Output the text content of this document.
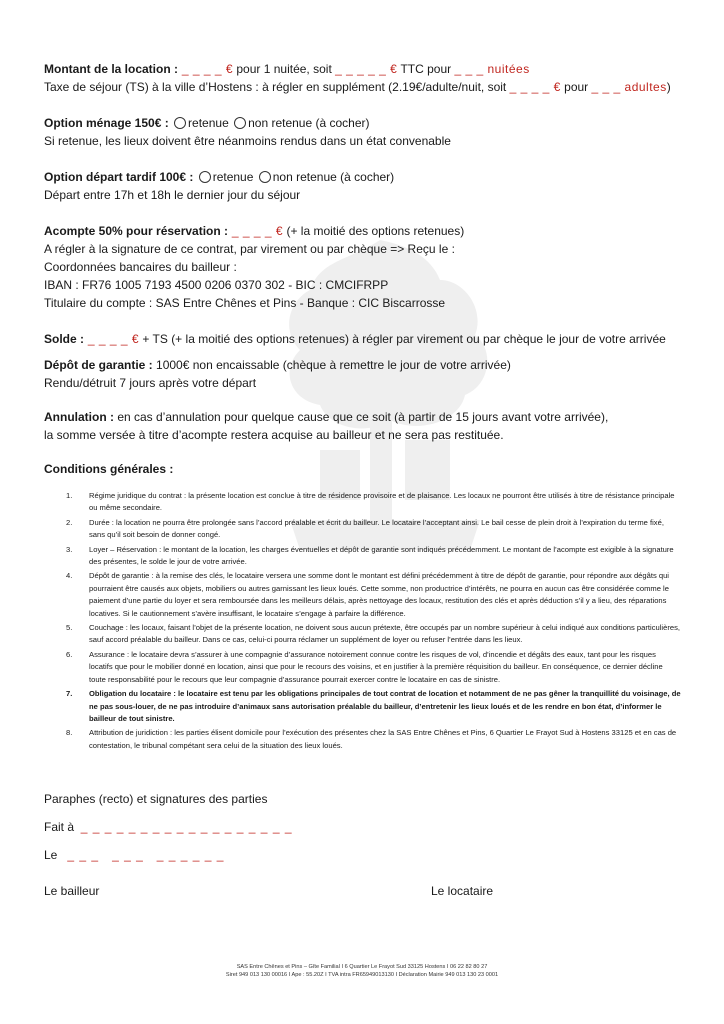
Montant de la location : _ _ _ _ € pour 1 nuitée, soit _ _ _ _ _ € TTC pour _ _ _ nuitées
Taxe de séjour (TS) à la ville d’Hostens : à régler en supplément (2.19€/adulte/nuit, soit _ _ _ _ € pour _ _ _ adultes)
Option ménage 150€ : retenue non retenue (à cocher)
Si retenue, les lieux doivent être néanmoins rendus dans un état convenable
Option départ tardif 100€ : retenue non retenue (à cocher)
Départ entre 17h et 18h le dernier jour du séjour
Acompte 50% pour réservation : _ _ _ _ € (+ la moitié des options retenues)
A régler à la signature de ce contrat, par virement ou par chèque => Reçu le :
Coordonnées bancaires du bailleur :
IBAN : FR76 1005 7193 4500 0206 0370 302 - BIC : CMCIFRPP
Titulaire du compte : SAS Entre Chênes et Pins - Banque : CIC Biscarrosse
Solde : _ _ _ _ € + TS (+ la moitié des options retenues) à régler par virement ou par chèque le jour de votre arrivée
Dépôt de garantie : 1000€ non encaissable (chèque à remettre le jour de votre arrivée)
Rendu/détruit 7 jours après votre départ
Annulation : en cas d’annulation pour quelque cause que ce soit (à partir de 15 jours avant votre arrivée),
la somme versée à titre d’acompte restera acquise au bailleur et ne sera pas restituée.
Conditions générales :
1. Régime juridique du contrat : la présente location est conclue à titre de résidence provisoire et de plaisance. Les locaux ne pourront être utilisés à titre de résistance principale ou même secondaire.
2. Durée : la location ne pourra être prolongée sans l’accord préalable et écrit du bailleur. Le locataire l’acceptant ainsi. Le bail cesse de plein droit à l’expiration du terme fixé, sans qu’il soit besoin de donner congé.
3. Loyer – Réservation : le montant de la location, les charges éventuelles et dépôt de garantie sont indiqués précédemment. Le montant de l’acompte est exigible à la signature des présentes, le solde le jour de votre arrivée.
4. Dépôt de garantie : à la remise des clés, le locataire versera une somme dont le montant est défini précédemment à titre de dépôt de garantie, pour répondre aux dégâts qui pourraient être causés aux objets, mobiliers ou autres garnissant les lieux loués. Cette somme, non productrice d’intérêts, ne pourra en aucun cas être considérée comme le paiement d’une partie du loyer et sera remboursée dans les meilleurs délais, après nettoyage des locaux, restitution des clés et après déduction s’il y a lieu, des réparations locatives. Si le cautionnement s’avère insuffisant, le locataire s’engage à parfaire la différence.
5. Couchage : les locaux, faisant l’objet de la présente location, ne doivent sous aucun prétexte, être occupés par un nombre supérieur à celui indiqué aux conditions particulières, sauf accord préalable du bailleur. Dans ce cas, celui-ci pourra réclamer un supplément de loyer ou refuser l’entrée dans les lieux.
6. Assurance : le locataire devra s’assurer à une compagnie d’assurance notoirement connue contre les risques de vol, d’incendie et dégâts des eaux, tant pour les risques locatifs que pour le mobilier donné en location, ainsi que pour le recours des voisins, et en justifier à la première réquisition du bailleur. En conséquence, ce dernier décline toute responsabilité pour le recours que leur compagnie d’assurance pourrait exercer contre le locataire en cas de sinistre.
7. Obligation du locataire : le locataire est tenu par les obligations principales de tout contrat de location et notamment de ne pas gêner la tranquillité du voisinage, de ne pas sous-louer, de ne pas introduire d’animaux sans autorisation préalable du bailleur, d’entretenir les lieux loués et de les rendre en bon état, d’informer le bailleur de tout sinistre.
8. Attribution de juridiction : les parties élisent domicile pour l’exécution des présentes chez la SAS Entre Chênes et Pins, 6 Quartier Le Frayot Sud à Hostens 33125 et en cas de contestation, le tribunal compétant sera celui de la situation des lieux loués.
Paraphes (recto) et signatures des parties
Fait à _ _ _ _ _ _ _ _ _ _ _ _ _ _ _ _ _ _
Le _ _ _   _ _ _   _ _ _ _ _ _
Le bailleur	Le locataire
SAS Entre Chênes et Pins – Gîte Familial I 6 Quartier Le Frayot Sud 33125 Hostens I 06 22 82 80 27
Siret 949 013 130 00016 I Ape : 55.20Z I TVA intra FR65949013130 I Déclaration Mairie 949 013 130 23 0001
